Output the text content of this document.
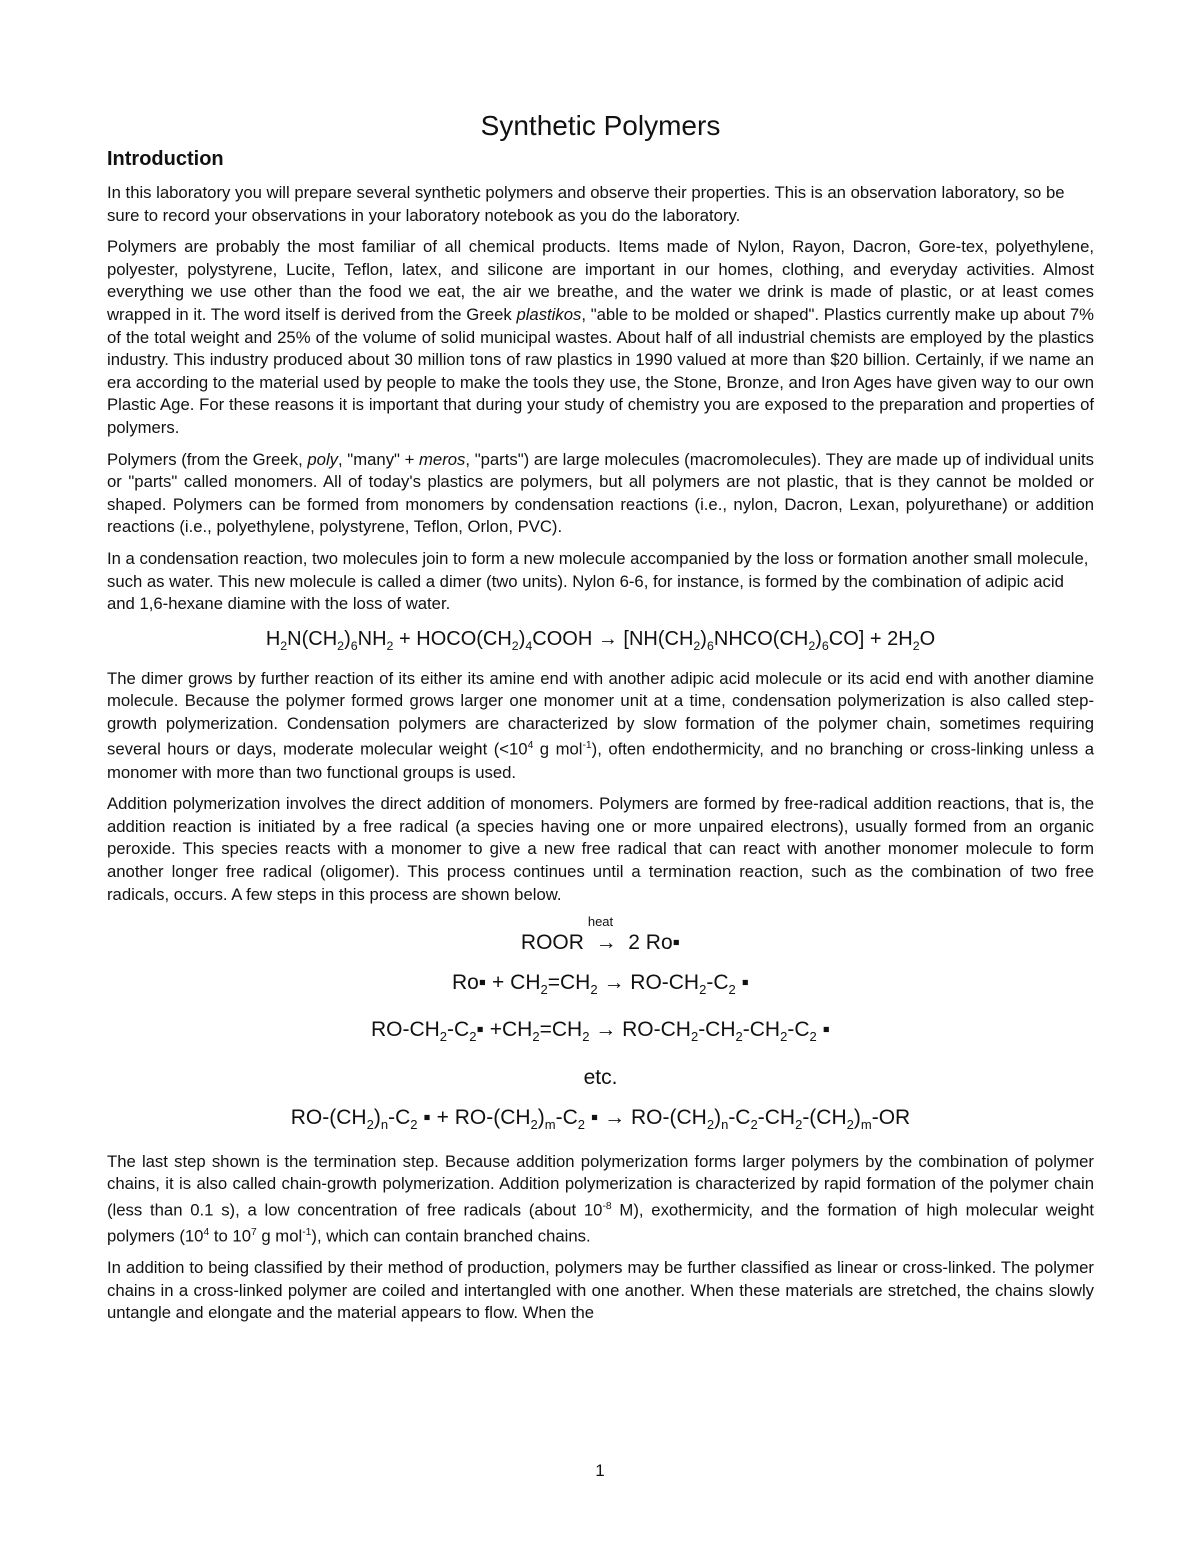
Synthetic Polymers
Introduction

In this laboratory you will prepare several synthetic polymers and observe their properties. This is an observation laboratory, so be sure to record your observations in your laboratory notebook as you do the laboratory.

Polymers are probably the most familiar of all chemical products. Items made of Nylon, Rayon, Dacron, Gore-tex, polyethylene, polyester, polystyrene, Lucite, Teflon, latex, and silicone are important in our homes, clothing, and everyday activities. Almost everything we use other than the food we eat, the air we breathe, and the water we drink is made of plastic, or at least comes wrapped in it. The word itself is derived from the Greek plastikos, "able to be molded or shaped". Plastics currently make up about 7% of the total weight and 25% of the volume of solid municipal wastes. About half of all industrial chemists are employed by the plastics industry. This industry produced about 30 million tons of raw plastics in 1990 valued at more than $20 billion. Certainly, if we name an era according to the material used by people to make the tools they use, the Stone, Bronze, and Iron Ages have given way to our own Plastic Age. For these reasons it is important that during your study of chemistry you are exposed to the preparation and properties of polymers.

Polymers (from the Greek, poly, "many" + meros, "parts") are large molecules (macromolecules). They are made up of individual units or "parts" called monomers. All of today's plastics are polymers, but all polymers are not plastic, that is they cannot be molded or shaped. Polymers can be formed from monomers by condensation reactions (i.e., nylon, Dacron, Lexan, polyurethane) or addition reactions (i.e., polyethylene, polystyrene, Teflon, Orlon, PVC).

In a condensation reaction, two molecules join to form a new molecule accompanied by the loss or formation another small molecule, such as water. This new molecule is called a dimer (two units). Nylon 6-6, for instance, is formed by the combination of adipic acid and 1,6-hexane diamine with the loss of water.

$H_2N(CH_2)_6NH_2$ + $HOCO(CH_2)_4COOH$ → $[NH(CH_2)_6NHCO(CH_2)_6CO] + 2H_2O$

The dimer grows by further reaction of its either its amine end with another adipic acid molecule or its acid end with another diamine molecule. Because the polymer formed grows larger one monomer unit at a time, condensation polymerization is also called step-growth polymerization. Condensation polymers are characterized by slow formation of the polymer chain, sometimes requiring several hours or days, moderate molecular weight ($<10^4$ g mol$^{-1}$), often endothermicity, and no branching or cross-linking unless a monomer with more than two functional groups is used.

Addition polymerization involves the direct addition of monomers. Polymers are formed by free-radical addition reactions, that is, the addition reaction is initiated by a free radical (a species having one or more unpaired electrons), usually formed from an organic peroxide. This species reacts with a monomer to give a new free radical that can react with another monomer molecule to form another longer free radical (oligomer). This process continues until a termination reaction, such as the combination of two free radicals, occurs. A few steps in this process are shown below.

heat
ROOR  →  2 Ro▪
Ro▪ + $CH_2=CH_2 \to RO-CH_2-C_2$ ▪
$RO-CH_2-C_2▪ +CH_2=CH_2 \to RO-CH_2-CH_2-CH_2-C_2$ ▪
etc.
$RO-(CH_2)_n-C_2$ ▪ + $RO-(CH_2)_m-C_2$ ▪ → $RO-(CH_2)_n-C_2-CH_2-(CH_2)_m-OR$

The last step shown is the termination step. Because addition polymerization forms larger polymers by the combination of polymer chains, it is also called chain-growth polymerization. Addition polymerization is characterized by rapid formation of the polymer chain (less than 0.1 s), a low concentration of free radicals (about $10^{-8}$ M), exothermicity, and the formation of high molecular weight polymers ($10^4$ to $10^7$ g mol$^{-1}$), which can contain branched chains.

In addition to being classified by their method of production, polymers may be further classified as linear or cross-linked. The polymer chains in a cross-linked polymer are coiled and intertangled with one another. When these materials are stretched, the chains slowly untangle and elongate and the material appears to flow. When the

1
